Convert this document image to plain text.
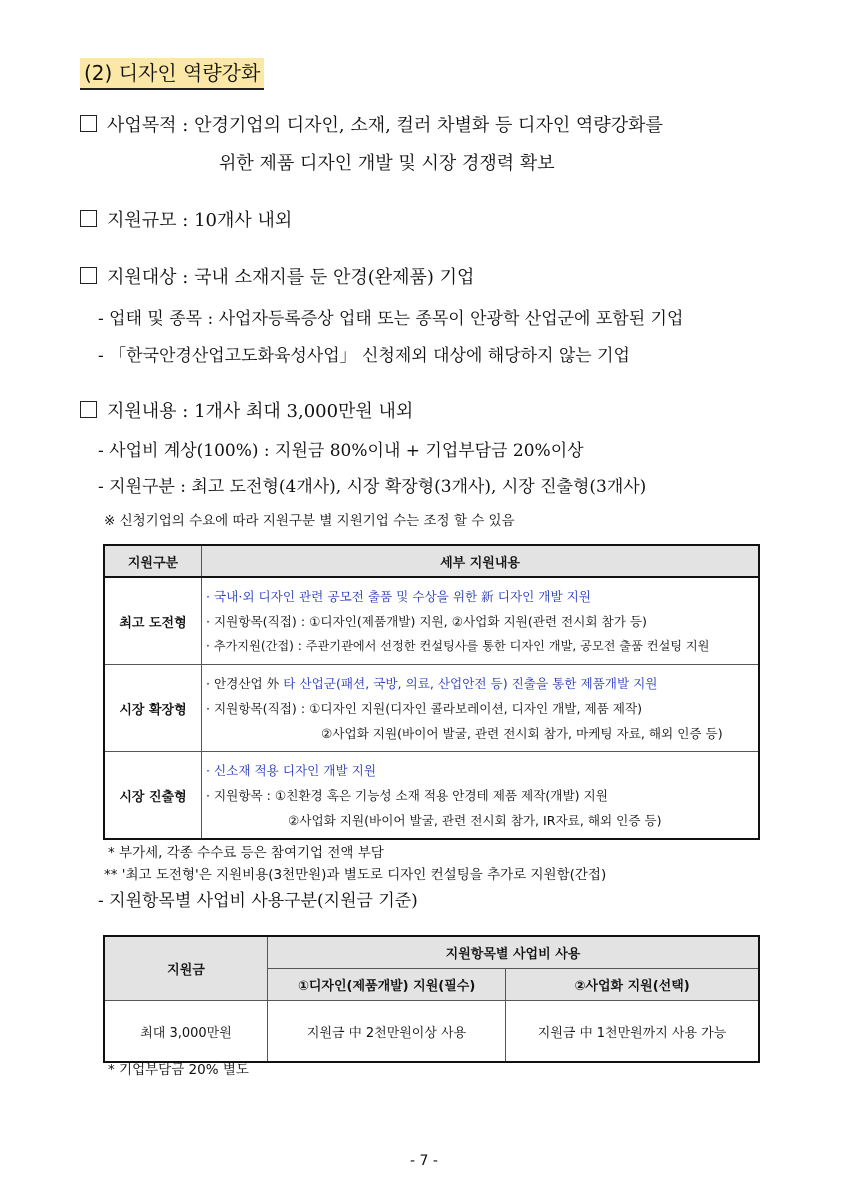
(2) 디자인 역량강화
사업목적 : 안경기업의 디자인, 소재, 컬러 차별화 등 디자인 역량강화를
위한 제품 디자인 개발 및 시장 경쟁력 확보
지원규모 : 10개사 내외
지원대상 : 국내 소재지를 둔 안경(완제품) 기업
- 업태 및 종목 : 사업자등록증상 업태 또는 종목이 안광학 산업군에 포함된 기업
- 「한국안경산업고도화육성사업」 신청제외 대상에 해당하지 않는 기업
지원내용 : 1개사 최대 3,000만원 내외
- 사업비 계상(100%) : 지원금 80%이내 + 기업부담금 20%이상
- 지원구분 : 최고 도전형(4개사), 시장 확장형(3개사), 시장 진출형(3개사)
※ 신청기업의 수요에 따라 지원구분 별 지원기업 수는 조정 할 수 있음
지원구분	세부 지원내용
최고 도전형	· 국내·외 디자인 관련 공모전 출품 및 수상을 위한 新 디자인 개발 지원
· 지원항목(직접) : ①디자인(제품개발) 지원, ②사업화 지원(관련 전시회 참가 등)
· 추가지원(간접) : 주관기관에서 선정한 컨설팅사를 통한 디자인 개발, 공모전 출품 컨설팅 지원

시장 확장형	· 안경산업 外 타 산업군(패션, 국방, 의료, 산업안전 등) 진출을 통한 제품개발 지원
· 지원항목(직접) : ①디자인 지원(디자인 콜라보레이션, 디자인 개발, 제품 제작)
②사업화 지원(바이어 발굴, 관련 전시회 참가, 마케팅 자료, 해외 인증 등)

시장 진출형	· 신소재 적용 디자인 개발 지원
· 지원항목 : ①친환경 혹은 기능성 소재 적용 안경테 제품 제작(개발) 지원
②사업화 지원(바이어 발굴, 관련 전시회 참가, IR자료, 해외 인증 등)
* 부가세, 각종 수수료 등은 참여기업 전액 부담
** '최고 도전형'은 지원비용(3천만원)과 별도로 디자인 컨설팅을 추가로 지원함(간접)
- 지원항목별 사업비 사용구분(지원금 기준)
지원금	지원항목별 사업비 사용	
	①디자인(제품개발) 지원(필수)	②사업화 지원(선택)
최대 3,000만원	지원금 中 2천만원이상 사용	지원금 中 1천만원까지 사용 가능
* 기업부담금 20% 별도
- 7 -
